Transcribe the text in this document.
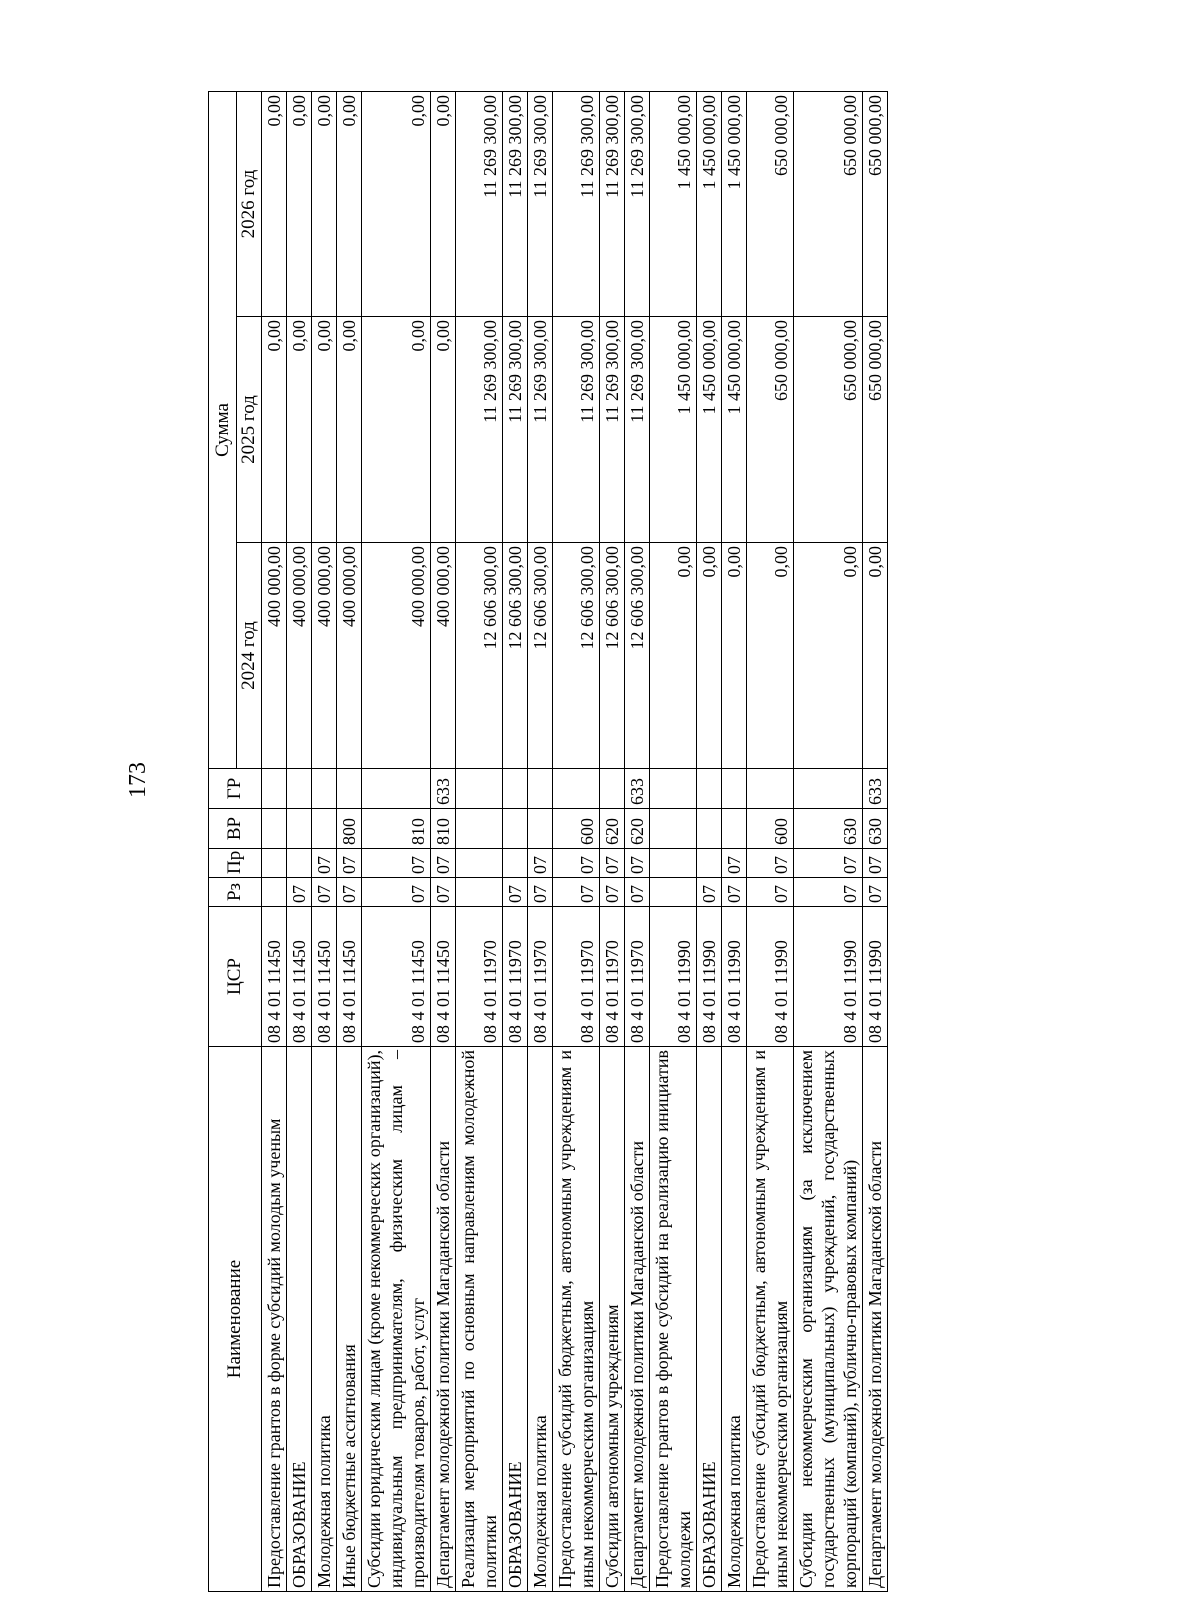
173
Наименование	ЦСР	Рз	Пр	ВР	ГР	Сумма		
						2024 год	2025 год	2026 год
Предоставление грантов в форме субсидий молодым ученым	08 4 01 11450					400 000,00	0,00	0,00
ОБРАЗОВАНИЕ	08 4 01 11450	07				400 000,00	0,00	0,00
Молодежная политика	08 4 01 11450	07	07			400 000,00	0,00	0,00
Иные бюджетные ассигнования	08 4 01 11450	07	07	800		400 000,00	0,00	0,00
Субсидии юридическим лицам (кроме некоммерческих организаций), индивидуальным предпринимателям, физическим лицам – производителям товаров, работ, услуг	08 4 01 11450	07	07	810		400 000,00	0,00	0,00
Департамент молодежной политики Магаданской области	08 4 01 11450	07	07	810	633	400 000,00	0,00	0,00
Реализация мероприятий по основным направлениям молодежной политики	08 4 01 11970					12 606 300,00	11 269 300,00	11 269 300,00
ОБРАЗОВАНИЕ	08 4 01 11970	07				12 606 300,00	11 269 300,00	11 269 300,00
Молодежная политика	08 4 01 11970	07	07			12 606 300,00	11 269 300,00	11 269 300,00
Предоставление субсидий бюджетным, автономным учреждениям и иным некоммерческим организациям	08 4 01 11970	07	07	600		12 606 300,00	11 269 300,00	11 269 300,00
Субсидии автономным учреждениям	08 4 01 11970	07	07	620		12 606 300,00	11 269 300,00	11 269 300,00
Департамент молодежной политики Магаданской области	08 4 01 11970	07	07	620	633	12 606 300,00	11 269 300,00	11 269 300,00
Предоставление грантов в форме субсидий на реализацию инициатив молодежи	08 4 01 11990					0,00	1 450 000,00	1 450 000,00
ОБРАЗОВАНИЕ	08 4 01 11990	07				0,00	1 450 000,00	1 450 000,00
Молодежная политика	08 4 01 11990	07	07			0,00	1 450 000,00	1 450 000,00
Предоставление субсидий бюджетным, автономным учреждениям и иным некоммерческим организациям	08 4 01 11990	07	07	600		0,00	650 000,00	650 000,00
Субсидии некоммерческим организациям (за исключением государственных (муниципальных) учреждений, государственных корпораций (компаний), публично-правовых компаний)	08 4 01 11990	07	07	630		0,00	650 000,00	650 000,00
Департамент молодежной политики Магаданской области	08 4 01 11990	07	07	630	633	0,00	650 000,00	650 000,00
